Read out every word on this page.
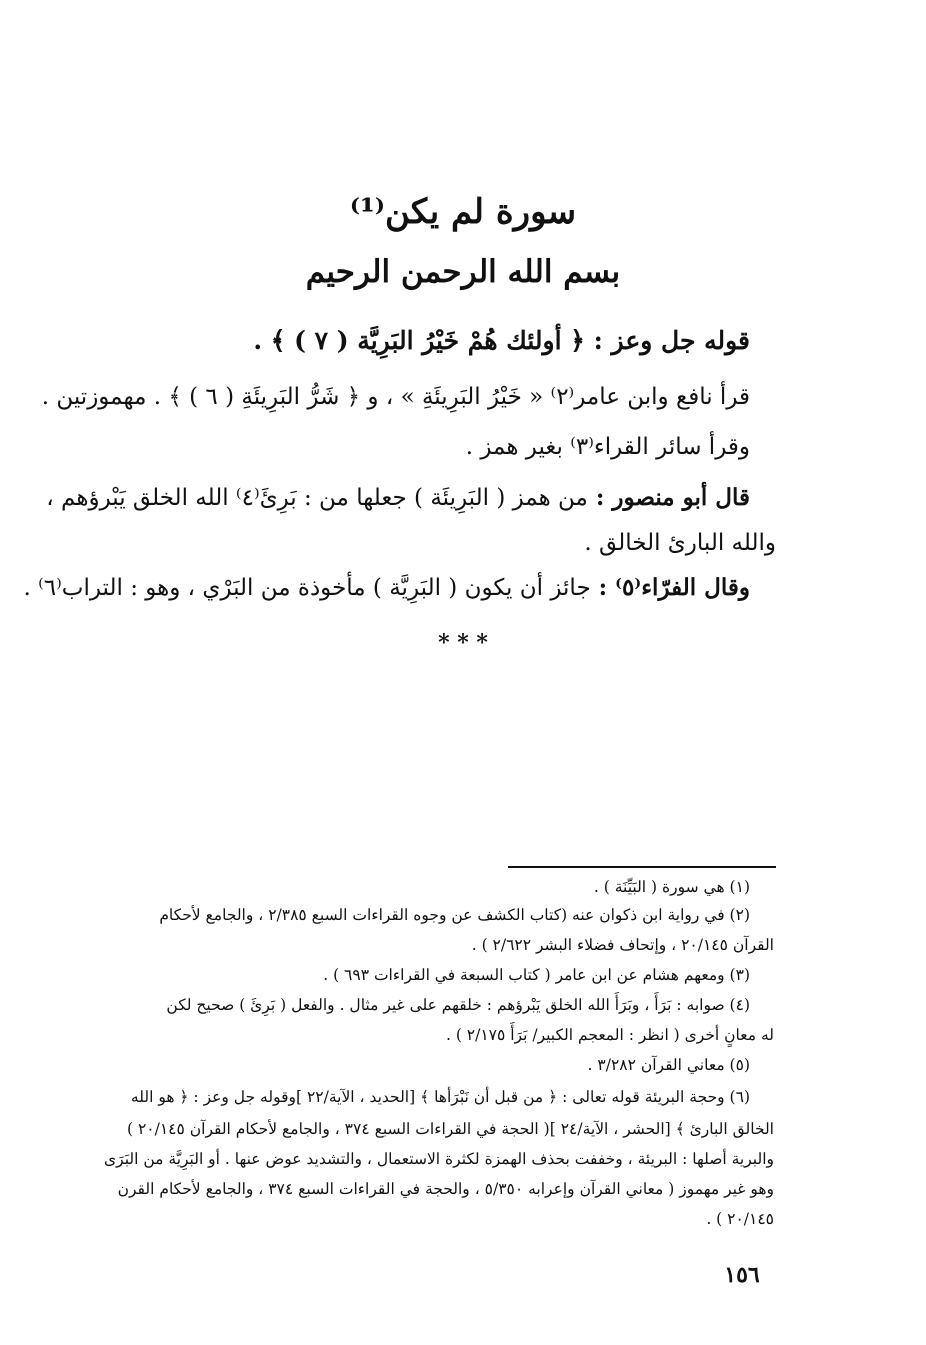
سورة لم يكن⁽¹⁾
بسم الله الرحمن الرحيم
قوله جل وعز : ﴿ أولئك هُمْ خَيْرُ البَرِيَّة ( ٧ ) ﴾ .
قرأ نافع وابن عامر⁽٢⁾ « خَيْرُ البَرِيئَةِ » ، و ﴿ شَرُّ البَرِيئَةِ ( ٦ ) ﴾ . مهموزتين .
وقرأ سائر القراء⁽٣⁾ بغير همز .
قال أبو منصور : من همز ( البَرِيئَة ) جعلها من : بَرِئَ⁽٤⁾ الله الخلق يَبْرؤهم ،
والله البارئ الخالق .
وقال الفرّاء⁽٥⁾ : جائز أن يكون ( البَرِيَّة ) مأخوذة من البَرْي ، وهو : التراب⁽٦⁾ .
* * *
(١) هي سورة ( البَيِّنَة ) .
(٢) في رواية ابن ذكوان عنه (كتاب الكشف عن وجوه القراءات السبع ٢/٣٨٥ ، والجامع لأحكام
القرآن ٢٠/١٤٥ ، وإتحاف فضلاء البشر ٢/٦٢٢ ) .
(٣) ومعهم هشام عن ابن عامر ( كتاب السبعة في القراءات ٦٩٣ ) .
(٤) صوابه : بَرَأَ ، وبَرَأَ الله الخلق يَبْرؤهم : خلقهم على غير مثال . والفعل ( بَرِئَ ) صحيح لكن
له معانٍ أخرى ( انظر : المعجم الكبير/ بَرَأَ ٢/١٧٥ ) .
(٥) معاني القرآن ٣/٢٨٢ .
(٦) وحجة البريئة قوله تعالى : ﴿ من قبل أن نَبْرَأها ﴾ [الحديد ، الآية/٢٢ ]وقوله جل وعز : ﴿ هو الله
الخالق البارئ ﴾ [الحشر ، الآية/٢٤ ]( الحجة في القراءات السبع ٣٧٤ ، والجامع لأحكام القرآن ٢٠/١٤٥ )
والبرية أصلها : البريئة ، وخففت بحذف الهمزة لكثرة الاستعمال ، والتشديد عوض عنها . أو البَرِيَّة من البَرَى
وهو غير مهموز ( معاني القرآن وإعرابه ٥/٣٥٠ ، والحجة في القراءات السبع ٣٧٤ ، والجامع لأحكام القرن
٢٠/١٤٥ ) .
١٥٦
